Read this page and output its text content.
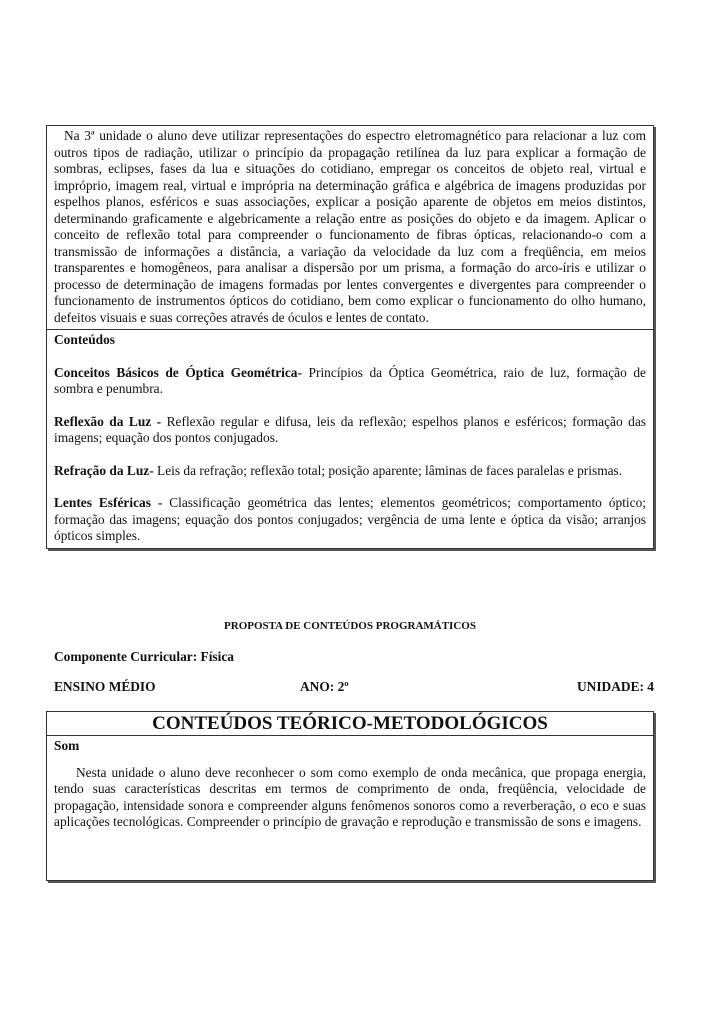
Na 3ª unidade o aluno deve utilizar representações do espectro eletromagnético para relacionar a luz com outros tipos de radiação, utilizar o princípio da propagação retilínea da luz para explicar a formação de sombras, eclipses, fases da lua e situações do cotidiano, empregar os conceitos de objeto real, virtual e impróprio, imagem real, virtual e imprópria na determinação gráfica e algébrica de imagens produzidas por espelhos planos, esféricos e suas associações, explicar a posição aparente de objetos em meios distintos, determinando graficamente e algebricamente a relação entre as posições do objeto e da imagem. Aplicar o conceito de reflexão total para compreender o funcionamento de fibras ópticas, relacionando-o com a transmissão de informações a distância, a variação da velocidade da luz com a freqüência, em meios transparentes e homogêneos, para analisar a dispersão por um prisma, a formação do arco-íris e utilizar o processo de determinação de imagens formadas por lentes convergentes e divergentes para compreender o funcionamento de instrumentos ópticos do cotidiano, bem como explicar o funcionamento do olho humano, defeitos visuais e suas correções através de óculos e lentes de contato.

Conteúdos

Conceitos Básicos de Óptica Geométrica- Princípios da Óptica Geométrica, raio de luz, formação de sombra e penumbra.

Reflexão da Luz - Reflexão regular e difusa, leis da reflexão; espelhos planos e esféricos; formação das imagens; equação dos pontos conjugados.

Refração da Luz- Leis da refração; reflexão total; posição aparente; lâminas de faces paralelas e prismas.

Lentes Esféricas - Classificação geométrica das lentes; elementos geométricos; comportamento óptico; formação das imagens; equação dos pontos conjugados; vergência de uma lente e óptica da visão; arranjos ópticos simples.

PROPOSTA DE CONTEÚDOS PROGRAMÁTICOS
Componente Curricular: Física
ENSINO MÉDIO	ANO: 2º	UNIDADE: 4
CONTEÚDOS TEÓRICO-METODOLÓGICOS

Som

Nesta unidade o aluno deve reconhecer o som como exemplo de onda mecânica, que propaga energia, tendo suas características descritas em termos de comprimento de onda, freqüência, velocidade de propagação, intensidade sonora e compreender alguns fenômenos sonoros como a reverberação, o eco e suas aplicações tecnológicas. Compreender o princípio de gravação e reprodução e transmissão de sons e imagens.
